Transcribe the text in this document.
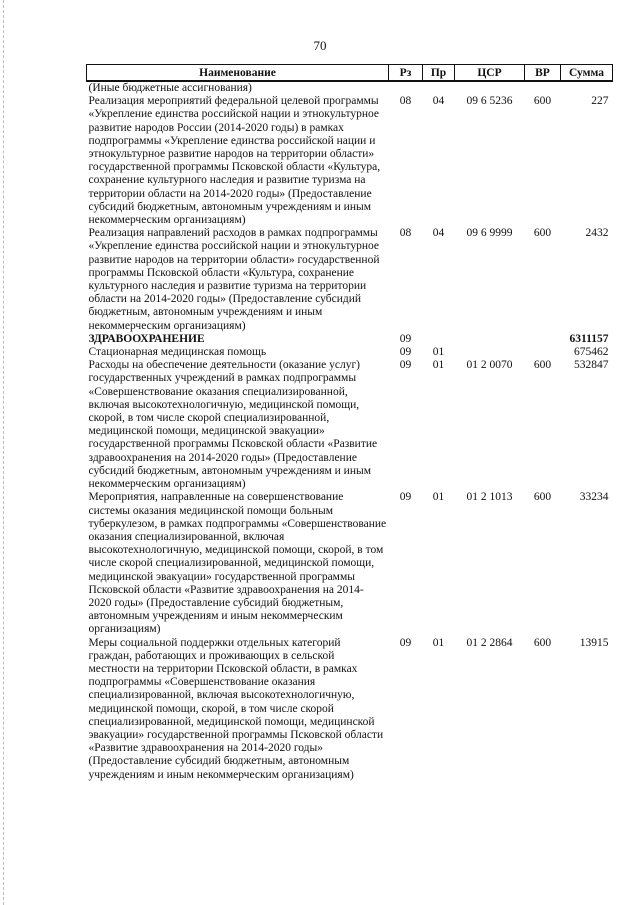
70
Наименование	Рз	Пр	ЦСР	ВР	Сумма
(Иные бюджетные ассигнования)					
Реализация мероприятий федеральной целевой программы «Укрепление единства российской нации и этнокультурное развитие народов России (2014-2020 годы) в рамках подпрограммы «Укрепление единства российской нации и этнокультурное развитие народов на территории области» государственной программы Псковской области «Культура, сохранение культурного наследия и развитие туризма на территории области на 2014-2020 годы» (Предоставление субсидий бюджетным, автономным учреждениям и иным некоммерческим организациям)	08	04	09 6 5236	600	227
Реализация направлений расходов в рамках подпрограммы «Укрепление единства российской нации и этнокультурное развитие народов на территории области» государственной программы Псковской области «Культура, сохранение культурного наследия и развитие туризма на территории области на 2014-2020 годы» (Предоставление субсидий бюджетным, автономным учреждениям и иным некоммерческим организациям)	08	04	09 6 9999	600	2432
ЗДРАВООХРАНЕНИЕ	09				6311157
Стационарная медицинская помощь	09	01			675462
Расходы на обеспечение деятельности (оказание услуг) государственных учреждений в рамках подпрограммы «Совершенствование оказания специализированной, включая высокотехнологичную, медицинской помощи, скорой, в том числе скорой специализированной, медицинской помощи, медицинской эвакуации» государственной программы Псковской области «Развитие здравоохранения на 2014-2020 годы» (Предоставление субсидий бюджетным, автономным учреждениям и иным некоммерческим организациям)	09	01	01 2 0070	600	532847
Мероприятия, направленные на совершенствование системы оказания медицинской помощи больным туберкулезом, в рамках подпрограммы «Совершенствование оказания специализированной, включая высокотехнологичную, медицинской помощи, скорой, в том числе скорой специализированной, медицинской помощи, медицинской эвакуации» государственной программы Псковской области «Развитие здравоохранения на 2014-2020 годы» (Предоставление субсидий бюджетным, автономным учреждениям и иным некоммерческим организациям)	09	01	01 2 1013	600	33234
Меры социальной поддержки отдельных категорий граждан, работающих и проживающих в сельской местности на территории Псковской области, в рамках подпрограммы «Совершенствование оказания специализированной, включая высокотехнологичную, медицинской помощи, скорой, в том числе скорой специализированной, медицинской помощи, медицинской эвакуации» государственной программы Псковской области «Развитие здравоохранения на 2014-2020 годы» (Предоставление субсидий бюджетным, автономным учреждениям и иным некоммерческим организациям)	09	01	01 2 2864	600	13915
